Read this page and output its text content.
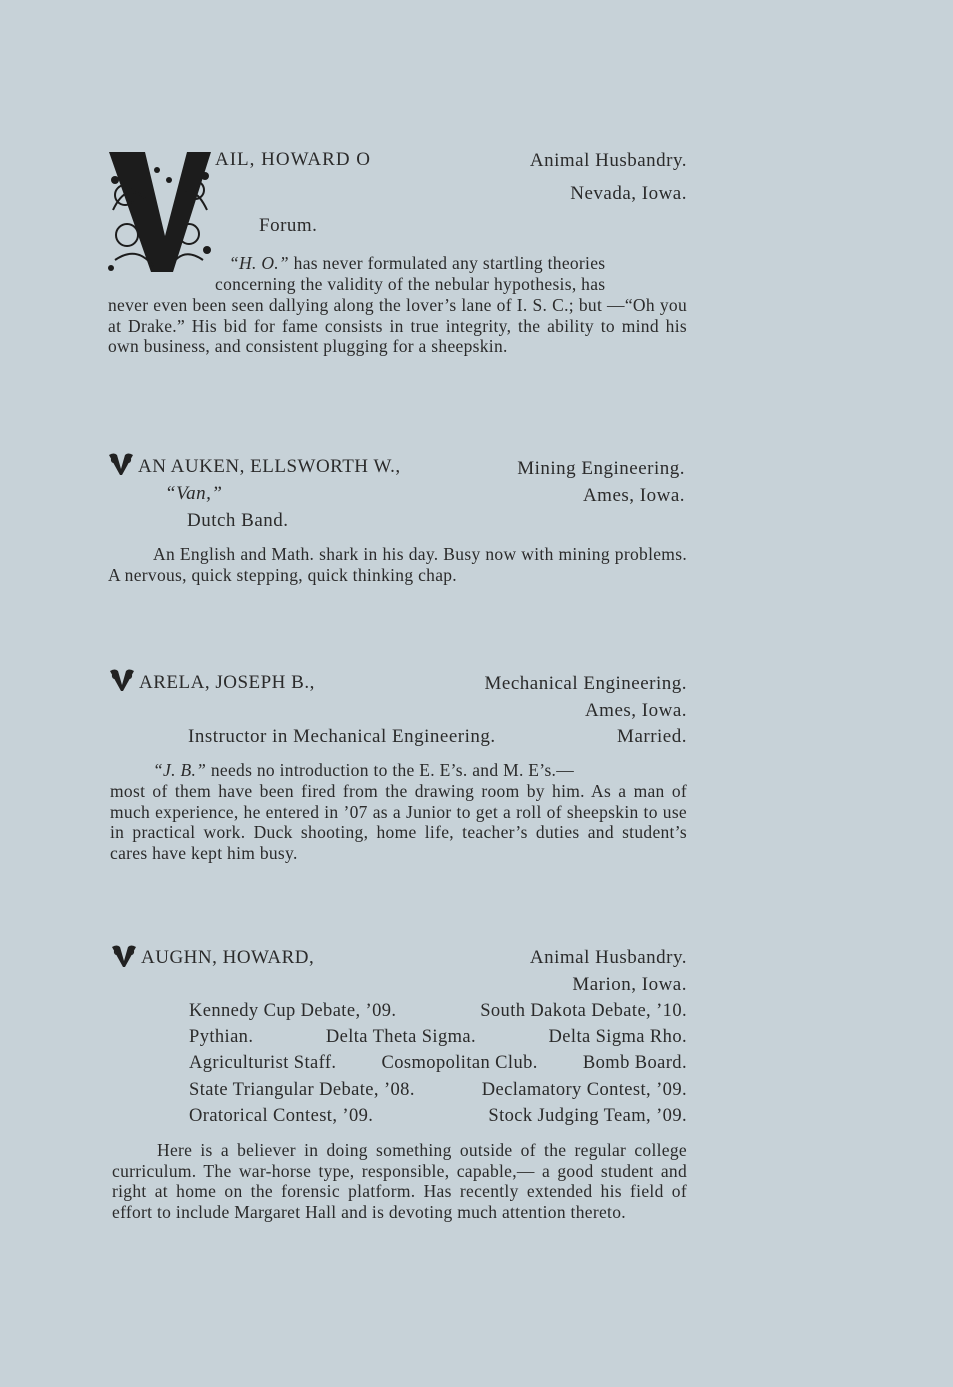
AIL, HOWARD O	Animal Husbandry.
Nevada, Iowa.
Forum.
“H. O.” has never formulated any startling theories
concerning the validity of the nebular hypothesis, has
never even been seen dallying along the lover’s lane of I. S. C.; but —“Oh you at Drake.” His bid for fame consists in true integrity, the ability to mind his own business, and consistent plugging for a sheepskin.
AN AUKEN, ELLSWORTH W.,	Mining Engineering.
“Van,”	Ames, Iowa.
Dutch Band.
An English and Math. shark in his day. Busy now with mining problems. A nervous, quick stepping, quick thinking chap.
ARELA, JOSEPH B.,	Mechanical Engineering.
Ames, Iowa.
Instructor in Mechanical Engineering.	Married.
“J. B.” needs no introduction to the E. E’s. and M. E’s.—
most of them have been fired from the drawing room by him. As a man of much experience, he entered in ’07 as a Junior to get a roll of sheepskin to use in practical work. Duck shooting, home life, teacher’s duties and student’s cares have kept him busy.
AUGHN, HOWARD,	Animal Husbandry.
Marion, Iowa.
Kennedy Cup Debate, ’09.	South Dakota Debate, ’10.
Pythian.	Delta Theta Sigma.	Delta Sigma Rho.
Agriculturist Staff. Cosmopolitan Club. Bomb Board.
State Triangular Debate, ’08.	Declamatory Contest, ’09.
Oratorical Contest, ’09.	Stock Judging Team, ’09.
Here is a believer in doing something outside of the regular college curriculum. The war-horse type, responsible, capable,— a good student and right at home on the forensic platform. Has recently extended his field of effort to include Margaret Hall and is devoting much attention thereto.
